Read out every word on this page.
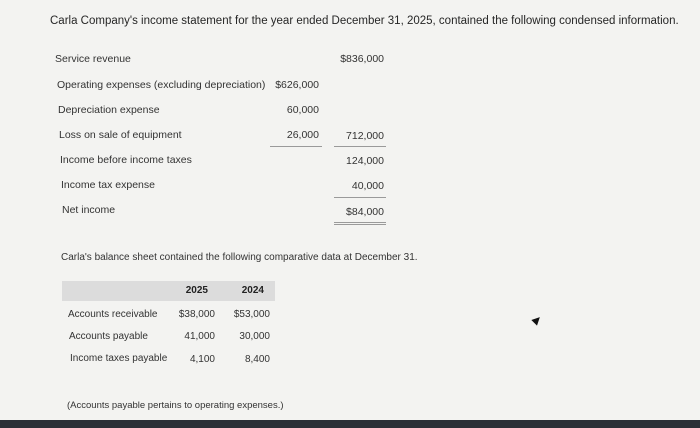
Carla Company's income statement for the year ended December 31, 2025, contained the following condensed information.
Service revenue	$836,000
Operating expenses (excluding depreciation) $626,000
Depreciation expense	60,000
Loss on sale of equipment	26,000	712,000
Income before income taxes	124,000
Income tax expense	40,000
Net income	$84,000
Carla's balance sheet contained the following comparative data at December 31.
2025	2024
Accounts receivable $38,000 $53,000
Accounts payable	41,000 30,000
Income taxes payable 4,100	8,400
(Accounts payable pertains to operating expenses.)
